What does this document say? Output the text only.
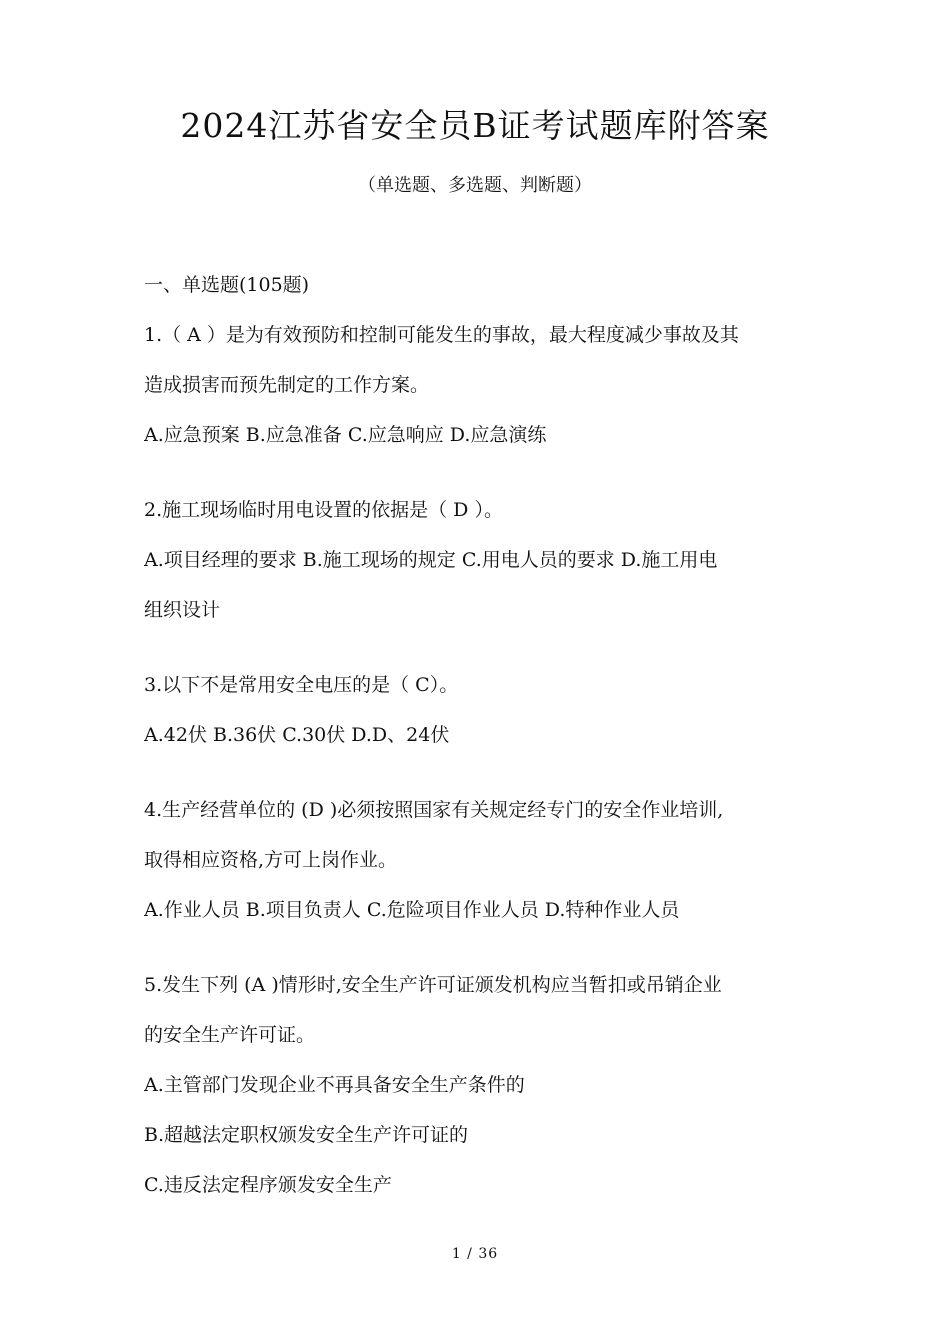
2024江苏省安全员B证考试题库附答案
（单选题、多选题、判断题）
一、单选题(105题)
1.（ A ）是为有效预防和控制可能发生的事故，最大程度减少事故及其
造成损害而预先制定的工作方案。
A.应急预案 B.应急准备 C.应急响应 D.应急演练
2.施工现场临时用电设置的依据是（ D ）。
A.项目经理的要求 B.施工现场的规定 C.用电人员的要求 D.施工用电
组织设计
3.以下不是常用安全电压的是（ C）。
A.42伏 B.36伏 C.30伏 D.D、24伏
4.生产经营单位的 (D )必须按照国家有关规定经专门的安全作业培训,
取得相应资格,方可上岗作业。
A.作业人员 B.项目负责人 C.危险项目作业人员 D.特种作业人员
5.发生下列 (A )情形时,安全生产许可证颁发机构应当暂扣或吊销企业
的安全生产许可证。
A.主管部门发现企业不再具备安全生产条件的
B.超越法定职权颁发安全生产许可证的
C.违反法定程序颁发安全生产
1 / 36
